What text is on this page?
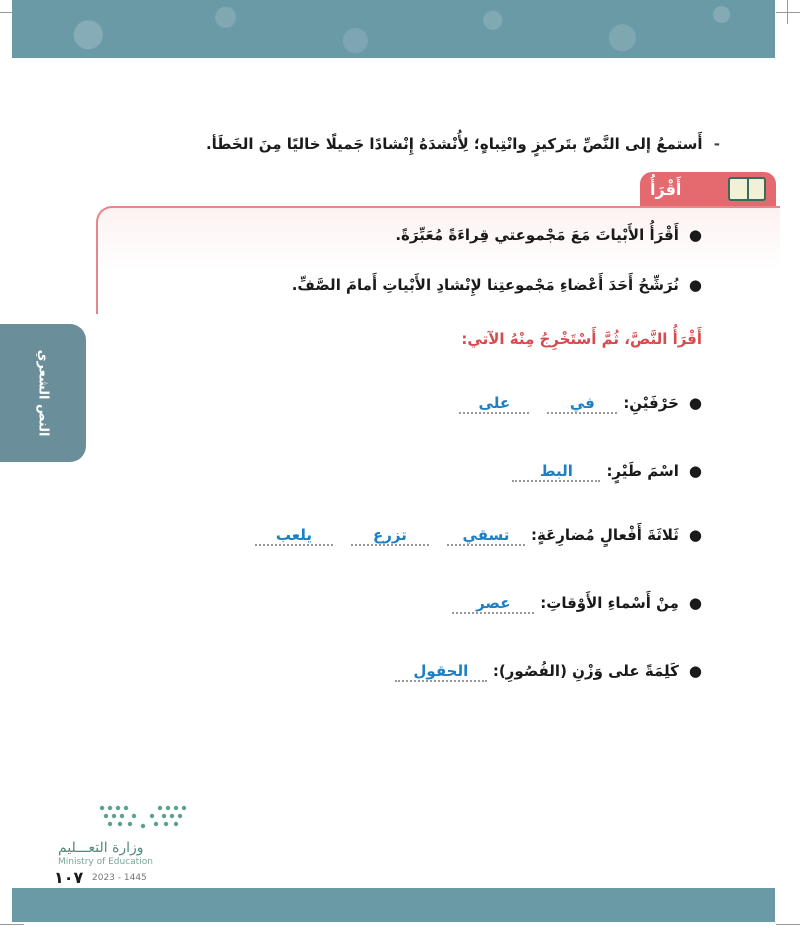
- أَستمعُ إلى النَّصِّ بتَركيزٍ وانْتِباهٍ؛ لِأُنْشدَهُ إِنْشادًا جَميلًا خاليًا مِنَ الخَطَأ.
أَقْرَأُ
●أَقْرَأُ الأَبْياتَ مَعَ مَجْموعتي قِراءَةً مُعَبِّرَةً.
●نُرَشِّحُ أَحَدَ أَعْضاءِ مَجْموعتِنا لإِنْشادِ الأَبْياتِ أَمامَ الصَّفِّ.
أَقْرَأُ النَّصَّ، ثُمَّ أَسْتَخْرِجُ مِنْهُ الآتي:
●
حَرْفَيْنِ:
في
على
●
اسْمَ طَيْرٍ:
البط
●
ثَلاثَةَ أَفْعالٍ مُضارِعَةٍ:
تسقي
تزرع
يلعب
●
مِنْ أَسْماءِ الأَوْقاتِ:
عصر
●
كَلِمَةً على وَزْنِ (الفُصُورِ):
الحقول
النص الشعري
وزارة التعـــليم
Ministry of Education
١٠٧ 2023 - 1445
